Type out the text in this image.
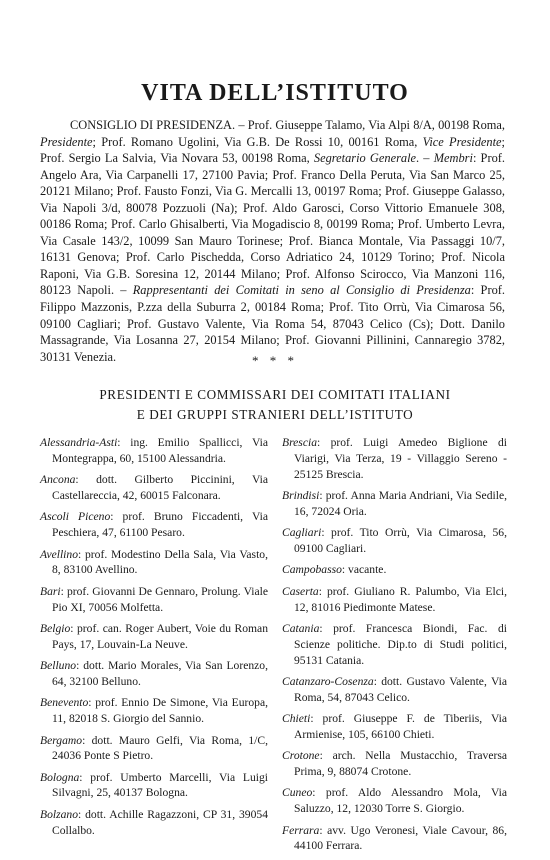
VITA DELL’ISTITUTO
CONSIGLIO DI PRESIDENZA. – Prof. Giuseppe Talamo, Via Alpi 8/A, 00198 Roma, Presidente; Prof. Romano Ugolini, Via G.B. De Rossi 10, 00161 Roma, Vice Presidente; Prof. Sergio La Salvia, Via Novara 53, 00198 Roma, Segretario Generale. – Membri: Prof. Angelo Ara, Via Carpanelli 17, 27100 Pavia; Prof. Franco Della Peruta, Via San Marco 25, 20121 Milano; Prof. Fausto Fonzi, Via G. Mercalli 13, 00197 Roma; Prof. Giuseppe Galasso, Via Napoli 3/d, 80078 Pozzuoli (Na); Prof. Aldo Garosci, Corso Vittorio Emanuele 308, 00186 Roma; Prof. Carlo Ghisalberti, Via Mogadiscio 8, 00199 Roma; Prof. Umberto Levra, Via Casale 143/2, 10099 San Mauro Torinese; Prof. Bianca Montale, Via Passaggi 10/7, 16131 Genova; Prof. Carlo Pischedda, Corso Adriatico 24, 10129 Torino; Prof. Nicola Raponi, Via G.B. Soresina 12, 20144 Milano; Prof. Alfonso Scirocco, Via Manzoni 116, 80123 Napoli. – Rappresentanti dei Comitati in seno al Consiglio di Presidenza: Prof. Filippo Mazzonis, P.zza della Suburra 2, 00184 Roma; Prof. Tito Orrù, Via Cimarosa 56, 09100 Cagliari; Prof. Gustavo Valente, Via Roma 54, 87043 Celico (Cs); Dott. Danilo Massagrande, Via Losanna 27, 20154 Milano; Prof. Giovanni Pillinini, Cannaregio 3782, 30131 Venezia.	* * *
PRESIDENTI E COMMISSARI DEI COMITATI ITALIANI
E DEI GRUPPI STRANIERI DELL’ISTITUTO
Alessandria-Asti: ing. Emilio Spallicci, Via Montegrappa, 60, 15100 Alessandria.
Ancona: dott. Gilberto Piccinini, Via Castellareccia, 42, 60015 Falconara.
Ascoli Piceno: prof. Bruno Ficcadenti, Via Peschiera, 47, 61100 Pesaro.
Avellino: prof. Modestino Della Sala, Via Vasto, 8, 83100 Avellino.
Bari: prof. Giovanni De Gennaro, Prolung. Viale Pio XI, 70056 Molfetta.
Belgio: prof. can. Roger Aubert, Voie du Roman Pays, 17, Louvain-La Neuve.
Belluno: dott. Mario Morales, Via San Lorenzo, 64, 32100 Belluno.
Benevento: prof. Ennio De Simone, Via Europa, 11, 82018 S. Giorgio del Sannio.
Bergamo: dott. Mauro Gelfi, Via Roma, 1/C, 24036 Ponte S Pietro.
Bologna: prof. Umberto Marcelli, Via Luigi Silvagni, 25, 40137 Bologna.
Bolzano: dott. Achille Ragazzoni, CP 31, 39054 Collalbo.
Brescia: prof. Luigi Amedeo Biglione di Viarigi, Via Terza, 19 - Villaggio Sereno - 25125 Brescia.
Brindisi: prof. Anna Maria Andriani, Via Sedile, 16, 72024 Oria.
Cagliari: prof. Tito Orrù, Via Cimarosa, 56, 09100 Cagliari.
Campobasso: vacante.
Caserta: prof. Giuliano R. Palumbo, Via Elci, 12, 81016 Piedimonte Matese.
Catania: prof. Francesca Biondi, Fac. di Scienze politiche. Dip.to di Studi politici, 95131 Catania.
Catanzaro-Cosenza: dott. Gustavo Valente, Via Roma, 54, 87043 Celico.
Chieti: prof. Giuseppe F. de Tiberiis, Via Armienise, 105, 66100 Chieti.
Crotone: arch. Nella Mustacchio, Traversa Prima, 9, 88074 Crotone.
Cuneo: prof. Aldo Alessandro Mola, Via Saluzzo, 12, 12030 Torre S. Giorgio.
Ferrara: avv. Ugo Veronesi, Viale Cavour, 86, 44100 Ferrara.
